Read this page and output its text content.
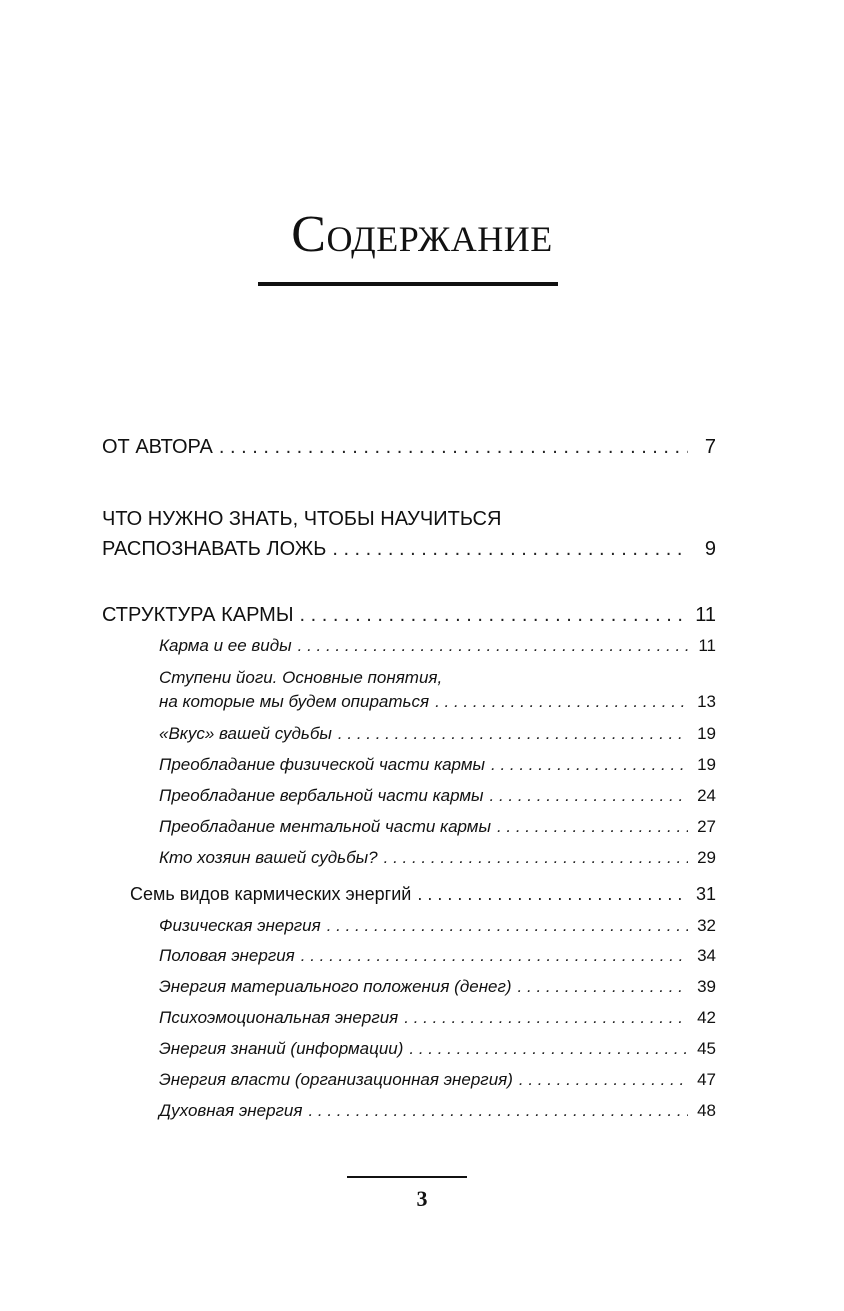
Содержание
ОТ АВТОРА . . .	7
ЧТО НУЖНО ЗНАТЬ, ЧТОБЫ НАУЧИТЬСЯ
РАСПОЗНАВАТЬ ЛОЖЬ . . .	9
СТРУКТУРА КАРМЫ . . .	11
Карма и ее виды . . .	11
Ступени йоги. Основные понятия,
на которые мы будем опираться . . .	13
«Вкус» вашей судьбы . . .	19
Преобладание физической части кармы . . .	19
Преобладание вербальной части кармы . . .	24
Преобладание ментальной части кармы . . .	27
Кто хозяин вашей судьбы? . . .	29
Семь видов кармических энергий . . .	31
Физическая энергия . . .	32
Половая энергия . . .	34
Энергия материального положения (денег) . . .	39
Психоэмоциональная энергия . . .	42
Энергия знаний (информации) . . .	45
Энергия власти (организационная энергия) . . .	47
Духовная энергия . . .	48
3
